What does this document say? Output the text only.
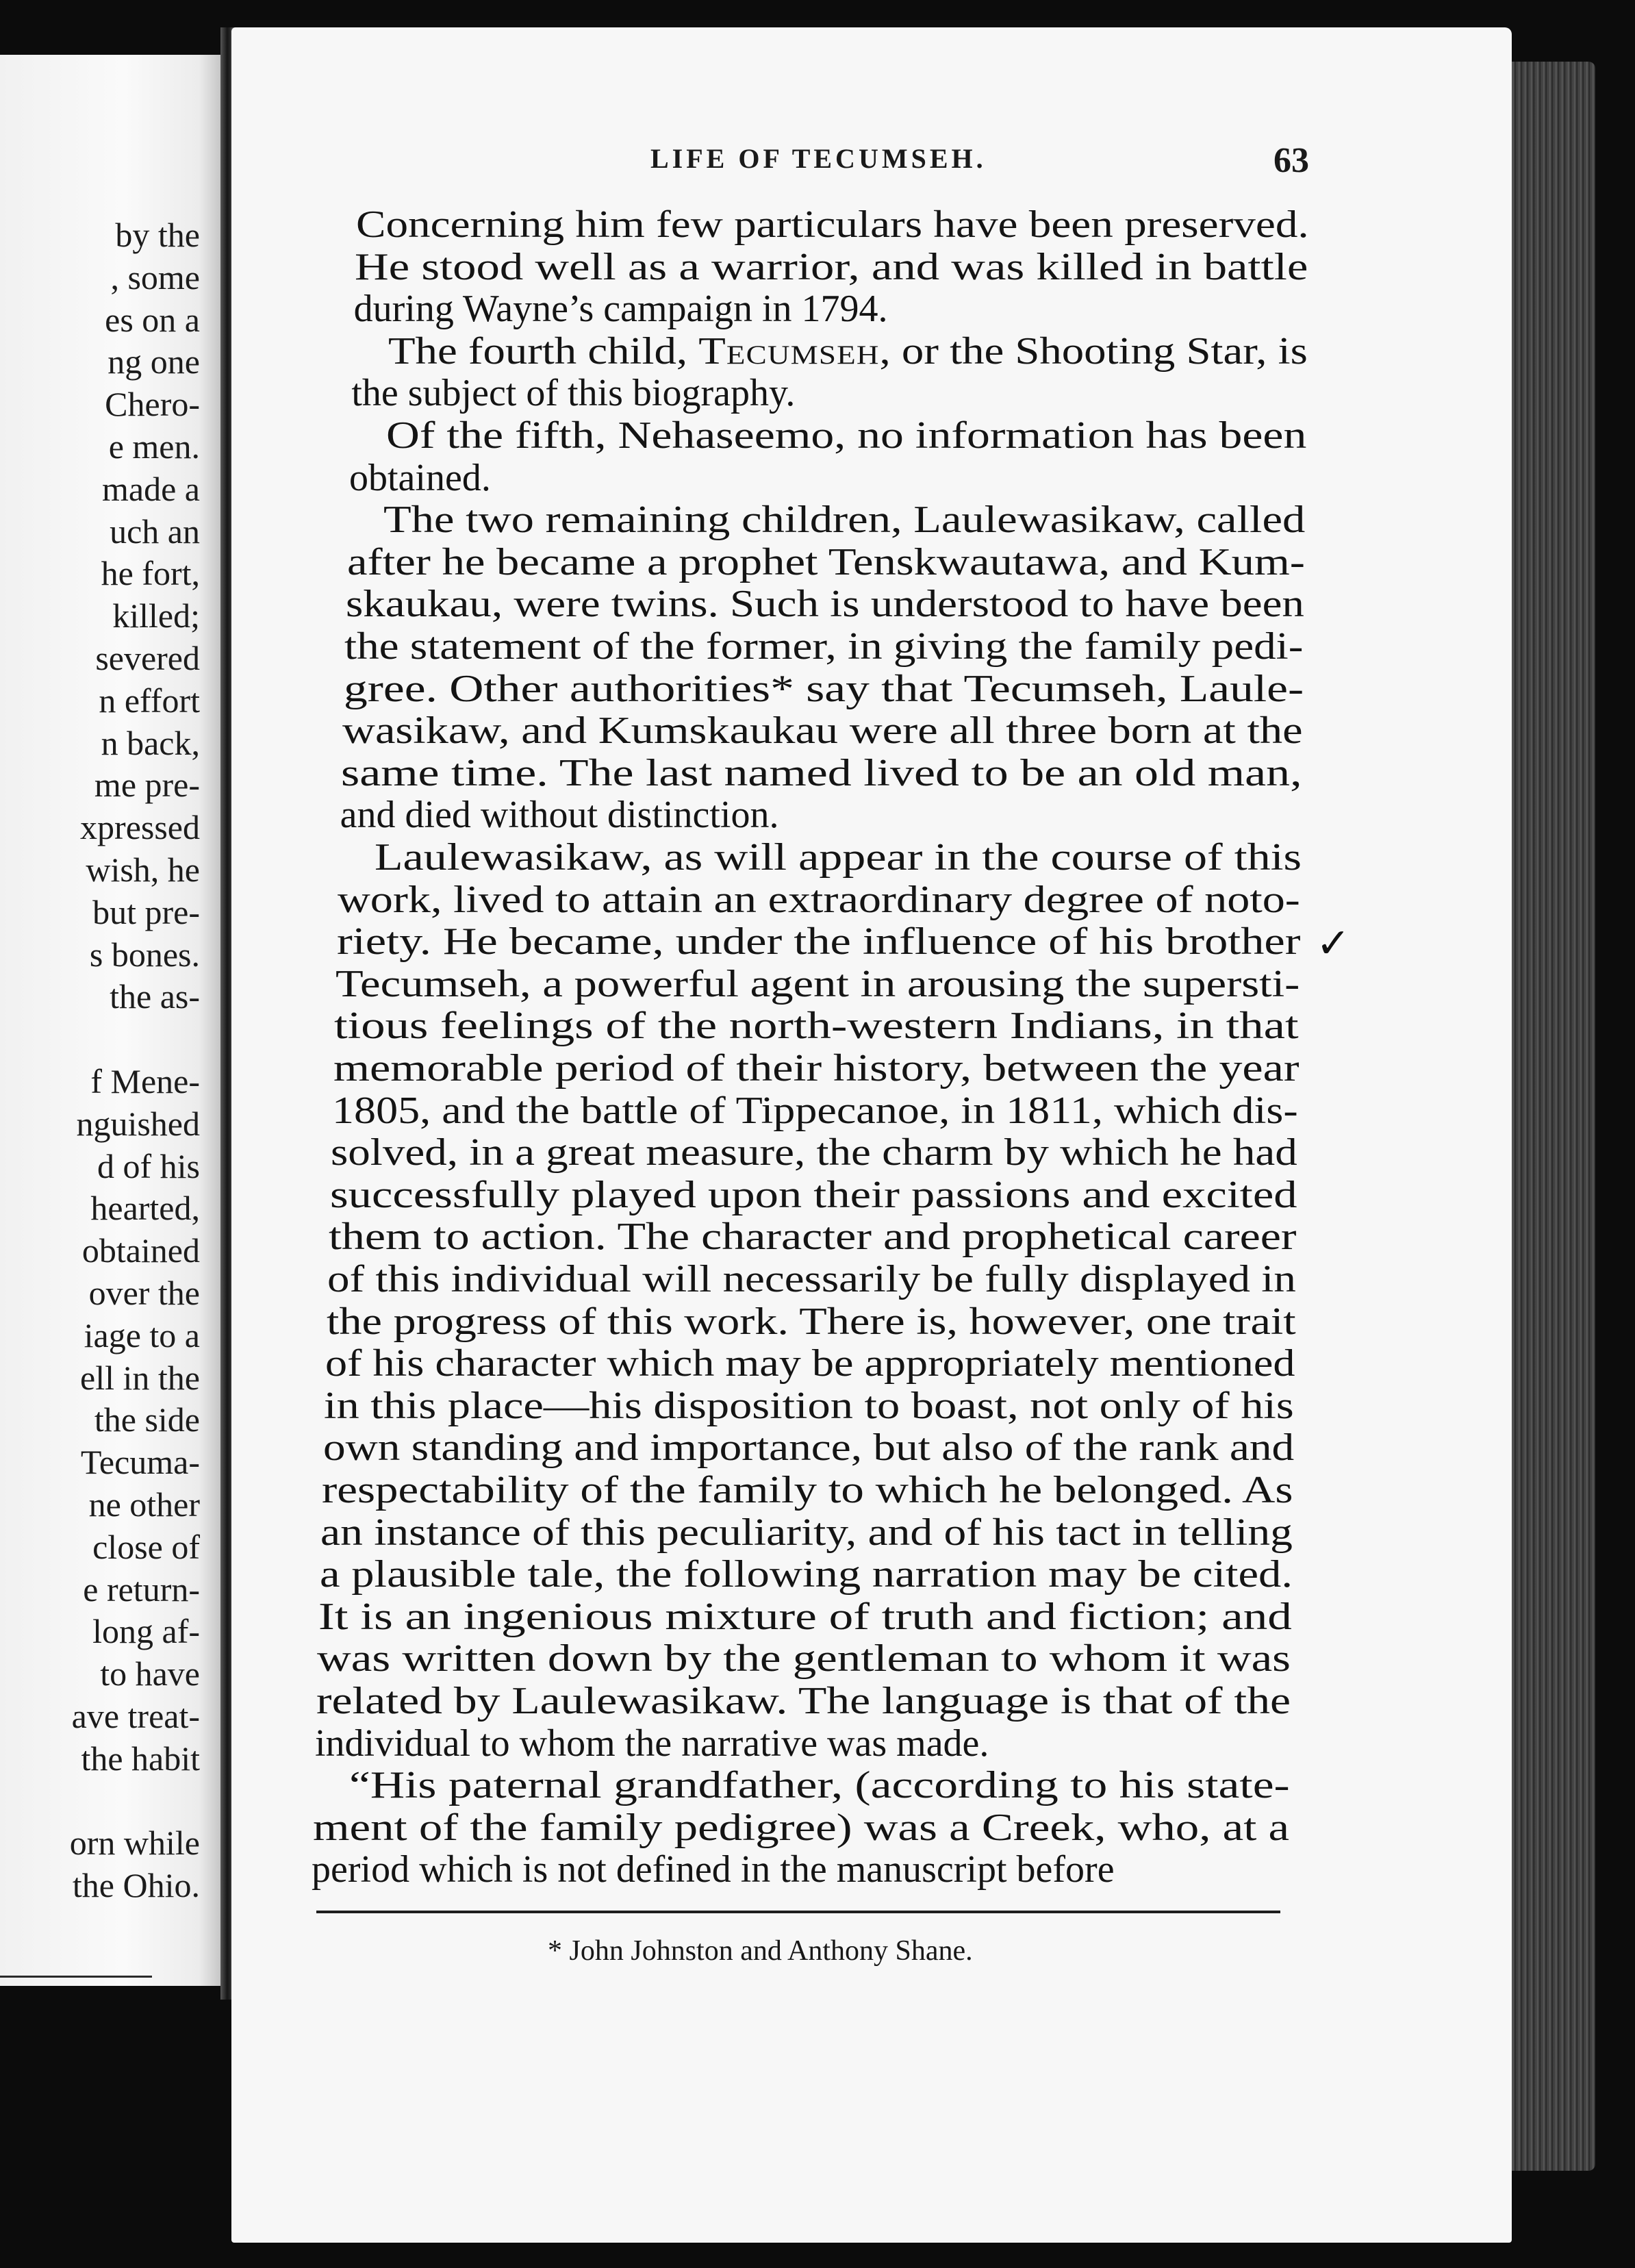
by the

, some

es on a

ng one

Chero-

e men.

made a

uch an

he fort,

killed;

severed

n effort

n back,

me pre-

xpressed

wish, he

but pre-

s bones.

the as-

f Mene-

nguished

d of his

hearted,

obtained

over the

iage to a

ell in the

the side

Tecuma-

ne other

close of

e return-

long af-

to have

ave treat-

the habit

orn while

the Ohio.

LIFE OF TECUMSEH.	63

Concerning him few particulars have been preserved.

He stood well as a warrior, and was killed in battle

during Wayne’s campaign in 1794.

The fourth child, Tecumseh, or the Shooting Star, is

the subject of this biography.

Of the fifth, Nehaseemo, no information has been

obtained.

The two remaining children, Laulewasikaw, called

after he became a prophet Tenskwautawa, and Kum-

skaukau, were twins. Such is understood to have been

the statement of the former, in giving the family pedi-

gree. Other authorities* say that Tecumseh, Laule-

wasikaw, and Kumskaukau were all three born at the

same time. The last named lived to be an old man,

and died without distinction.

Laulewasikaw, as will appear in the course of this

work, lived to attain an extraordinary degree of noto-

riety. He became, under the influence of his brother

Tecumseh, a powerful agent in arousing the supersti-

tious feelings of the north-western Indians, in that

memorable period of their history, between the year

1805, and the battle of Tippecanoe, in 1811, which dis-

solved, in a great measure, the charm by which he had

successfully played upon their passions and excited

them to action. The character and prophetical career

of this individual will necessarily be fully displayed in

the progress of this work. There is, however, one trait

of his character which may be appropriately mentioned

in this place—his disposition to boast, not only of his

own standing and importance, but also of the rank and

respectability of the family to which he belonged. As

an instance of this peculiarity, and of his tact in telling

a plausible tale, the following narration may be cited.

It is an ingenious mixture of truth and fiction; and

was written down by the gentleman to whom it was

related by Laulewasikaw. The language is that of the

individual to whom the narrative was made.

“His paternal grandfather, (according to his state-

ment of the family pedigree) was a Creek, who, at a

period which is not defined in the manuscript before

✓

* John Johnston and Anthony Shane.
